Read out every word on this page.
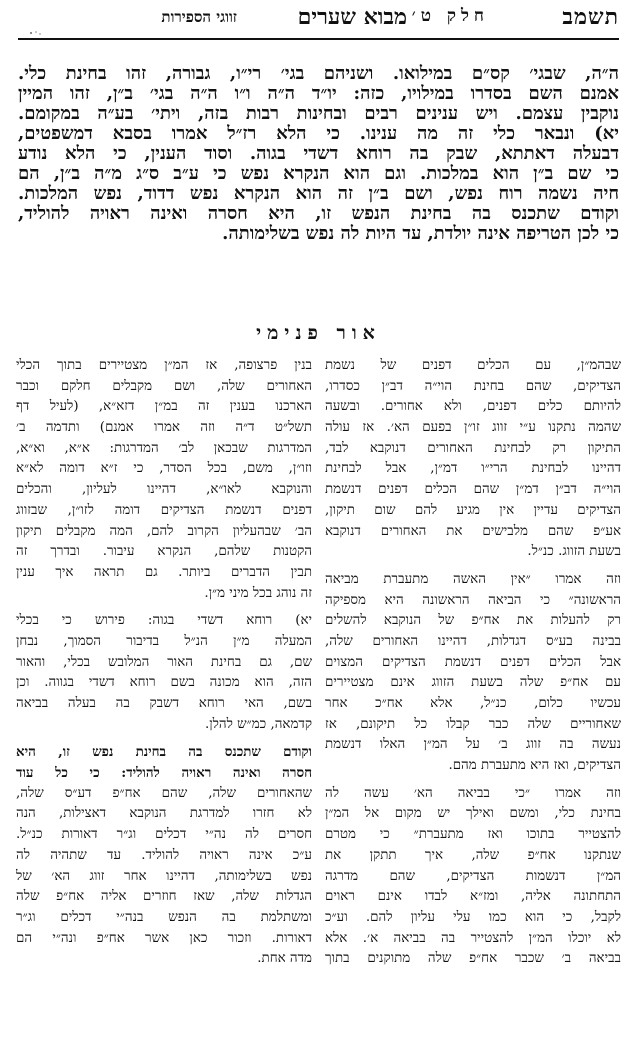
תשמב
חלק ט׳
מבוא שערים
זווגי הספירות
ה״ה, שבגי׳ קס״ם במילואו. ושניהם בגי׳ רי״ו, גבורה, זהו בחינת כלי.
אמנם השם בסדרו במילויו, כזה: יו״ד ה״ה ו״ו ה״ה בגי׳ ב״ן, זהו המיין
נוקבין עצמם. ויש ענינים רבים ובחינות רבות בזה, ויתי׳ בע״ה במקומם.
יא) ונבאר כלי זה מה ענינו. כי הלא רז״ל אמרו בסבא דמשפטים,
דבעלה דאתתא, שבק בה רוחא דשדי בגוה. וסוד הענין, כי הלא נודע
כי שם ב״ן הוא במלכות. וגם הוא הנקרא נפש כי ע״ב ס״ג מ״ה ב״ן, הם
חיה נשמה רוח נפש, ושם ב״ן זה הוא הנקרא נפש דדוד, נפש המלכות.
וקודם שתכנס בה בחינת הנפש זו, היא חסרה ואינה ראויה להוליד,
כי לכן הטריפה אינה יולדת, עד היות לה נפש בשלימותה.
אור פנימי
שבהמ״ן, עם הכלים דפנים של נשמת
הצדיקים, שהם בחינת הוי״ה דב״ן כסדרו,
להיותם כלים דפנים, ולא אחורים. ובשעה
שהמה נתקנו ע״י זווג זו״ן בפעם הא׳. אז עולה
התיקון רק לבחינת האחורים דנוקבא לבד,
דהיינו לבחינת הרי״ו דמ״ן, אבל לבחינת
הוי״ה דב״ן דמ״ן שהם הכלים דפנים דנשמת
הצדיקים עדיין אין מגיע להם שום תיקון,
אע״פ שהם מלבישים את האחורים דנוקבא
בשעת הזווג. כנ״ל.
וזה אמרו ״אין האשה מתעברת מביאה
הראשונה״ כי הביאה הראשונה היא מספיקה
רק להעלות את אח״פ של הנוקבא להשלים
בבינה בע״ס דגדלות, דהיינו האחורים שלה,
אבל הכלים דפנים דנשמת הצדיקים המצוים
עם אח״פ שלה בשעת הזווג אינם מצטיירים
עכשיו כלום, כנ״ל, אלא אח״כ אחר
שאחוריים שלה כבר קבלו כל תיקונם, אז
נעשה בה זווג ב׳ על המ״ן האלו דנשמת
הצדיקים, ואז היא מתעברת מהם.
וזה אמרו ״כי בביאה הא׳ עשה לה
בחינת כלי, ומשם ואילך יש מקום אל המ״ן
להצטייר בתוכו ואז מתעברת״ כי מטרם
שנתקנו אח״פ שלה, איך תתקן את
המ״ן דנשמות הצדיקים, שהם מדרגה
התחתונה אליה, ומז״א לבדו אינם ראוים
לקבל, כי הוא כמו עלי עליון להם. וע״כ
לא יוכלו המ״ן להצטייר בה בביאה א׳. אלא
בביאה ב׳ שכבר אח״פ שלה מתוקנים בתוך
בנין פרצופה, אז המ״ן מצטיירים בתוך הכלי
האחורים שלה, ושם מקבלים חלקם וכבר
הארכנו בענין זה במ״ן דזא״א, (לעיל דף
תשל״ט ד״ה וזה אמרו אמנם) ותדמה ב׳
המדרגות שבכאן לב׳ המדרגות: א״א, וא״א,
וזו״ן, משם, בכל הסדר, כי ז״א דומה לא״א
והנוקבא לאו״א, דהיינו לעליון, והכלים
דפנים דנשמת הצדיקים דומה לזו״ן, שבזווג
הב׳ שבהעליון הקרוב להם, המה מקבלים תיקון
הקטנות שלהם, הנקרא עיבור. ובדרך זה
תבין הדברים ביותר. גם תראה איך ענין
זה נוהג בכל מיני מ״ן.
יא) רוחא דשדי בגוה: פירוש כי בכלי
המעלה מ״ן הנ״ל בדיבור הסמוך, נבחן
שם, גם בחינת האור המלובש בכלי, והאור
הזה, הוא מכונה בשם רוחא דשדי בגווה. וכן
בשם, האי רוחא דשבק בה בעלה בביאה
קדמאה, כמ״ש להלן.
וקודם שתכנס בה בחינת נפש זו, היא
חסרה ואינה ראויה להוליד: כי כל עוד
שהאחורים שלה, שהם אח״פ דע״ס שלה,
לא חזרו למדרגת הנוקבא דאצילות, הנה
חסרים לה נה״י דכלים וג״ר דאורות כנ״ל.
ע״כ אינה ראויה להוליד. עד שתהיה לה
נפש בשלימותה, דהיינו אחר זווג הא׳ של
הגדלות שלה, שאז חוזרים אליה אח״פ שלה
ומשתלמת בה הנפש בנה״י דכלים וג״ר
דאורות. וזכור כאן אשר אח״פ ונה״י הם
מדה אחת.
